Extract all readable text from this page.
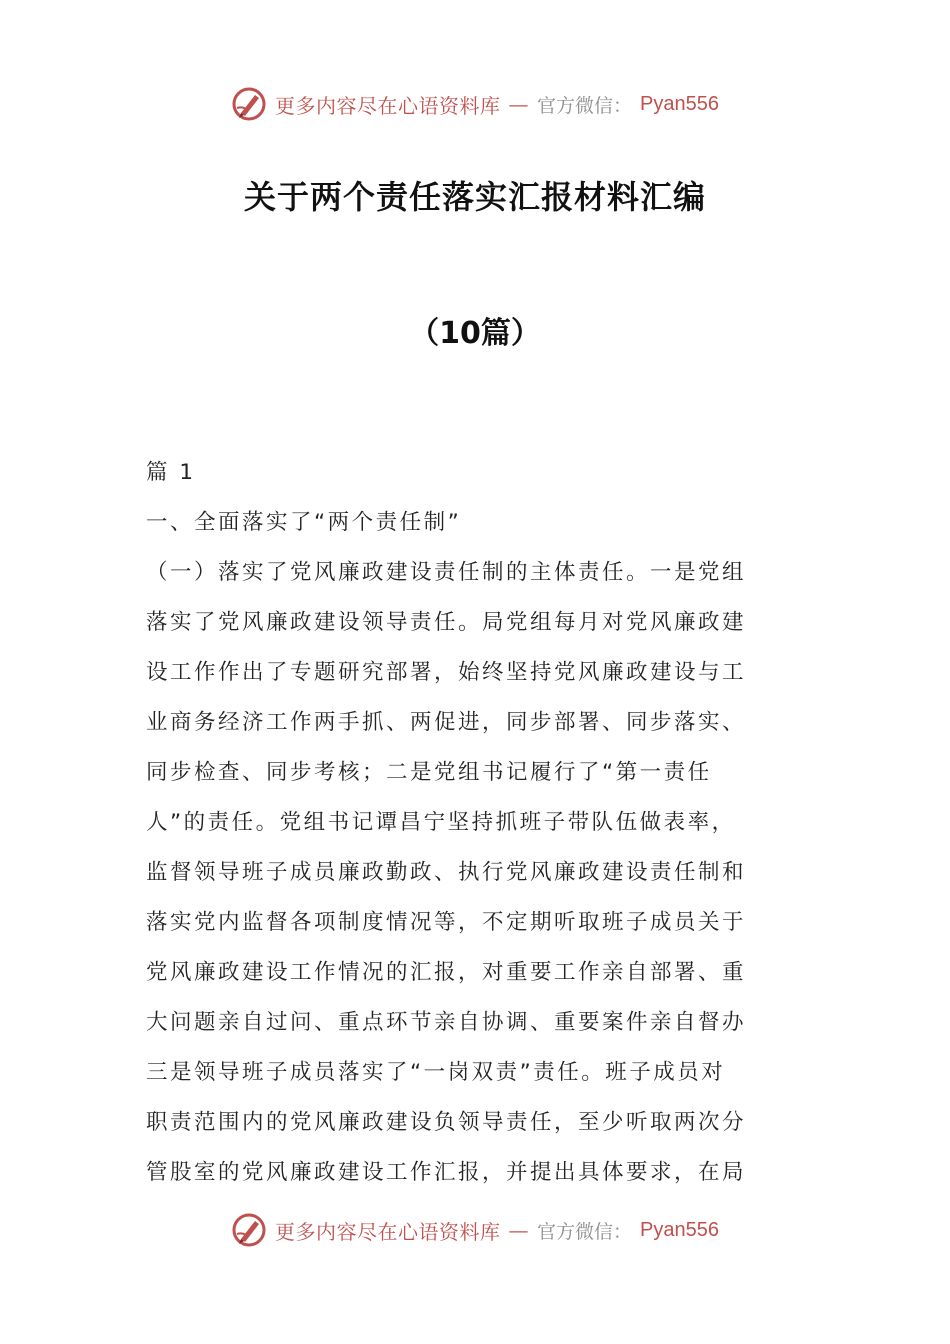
更多内容尽在心语资料库 — 官方微信： Pyan556
关于两个责任落实汇报材料汇编
（10篇）
篇 1
一、全面落实了“两个责任制”
（一）落实了党风廉政建设责任制的主体责任。一是党组
落实了党风廉政建设领导责任。局党组每月对党风廉政建
设工作作出了专题研究部署，始终坚持党风廉政建设与工
业商务经济工作两手抓、两促进，同步部署、同步落实、
同步检查、同步考核；二是党组书记履行了“第一责任
人”的责任。党组书记谭昌宁坚持抓班子带队伍做表率，
监督领导班子成员廉政勤政、执行党风廉政建设责任制和
落实党内监督各项制度情况等，不定期听取班子成员关于
党风廉政建设工作情况的汇报，对重要工作亲自部署、重
大问题亲自过问、重点环节亲自协调、重要案件亲自督办
三是领导班子成员落实了“一岗双责”责任。班子成员对
职责范围内的党风廉政建设负领导责任，至少听取两次分
管股室的党风廉政建设工作汇报，并提出具体要求，在局
更多内容尽在心语资料库 — 官方微信： Pyan556
